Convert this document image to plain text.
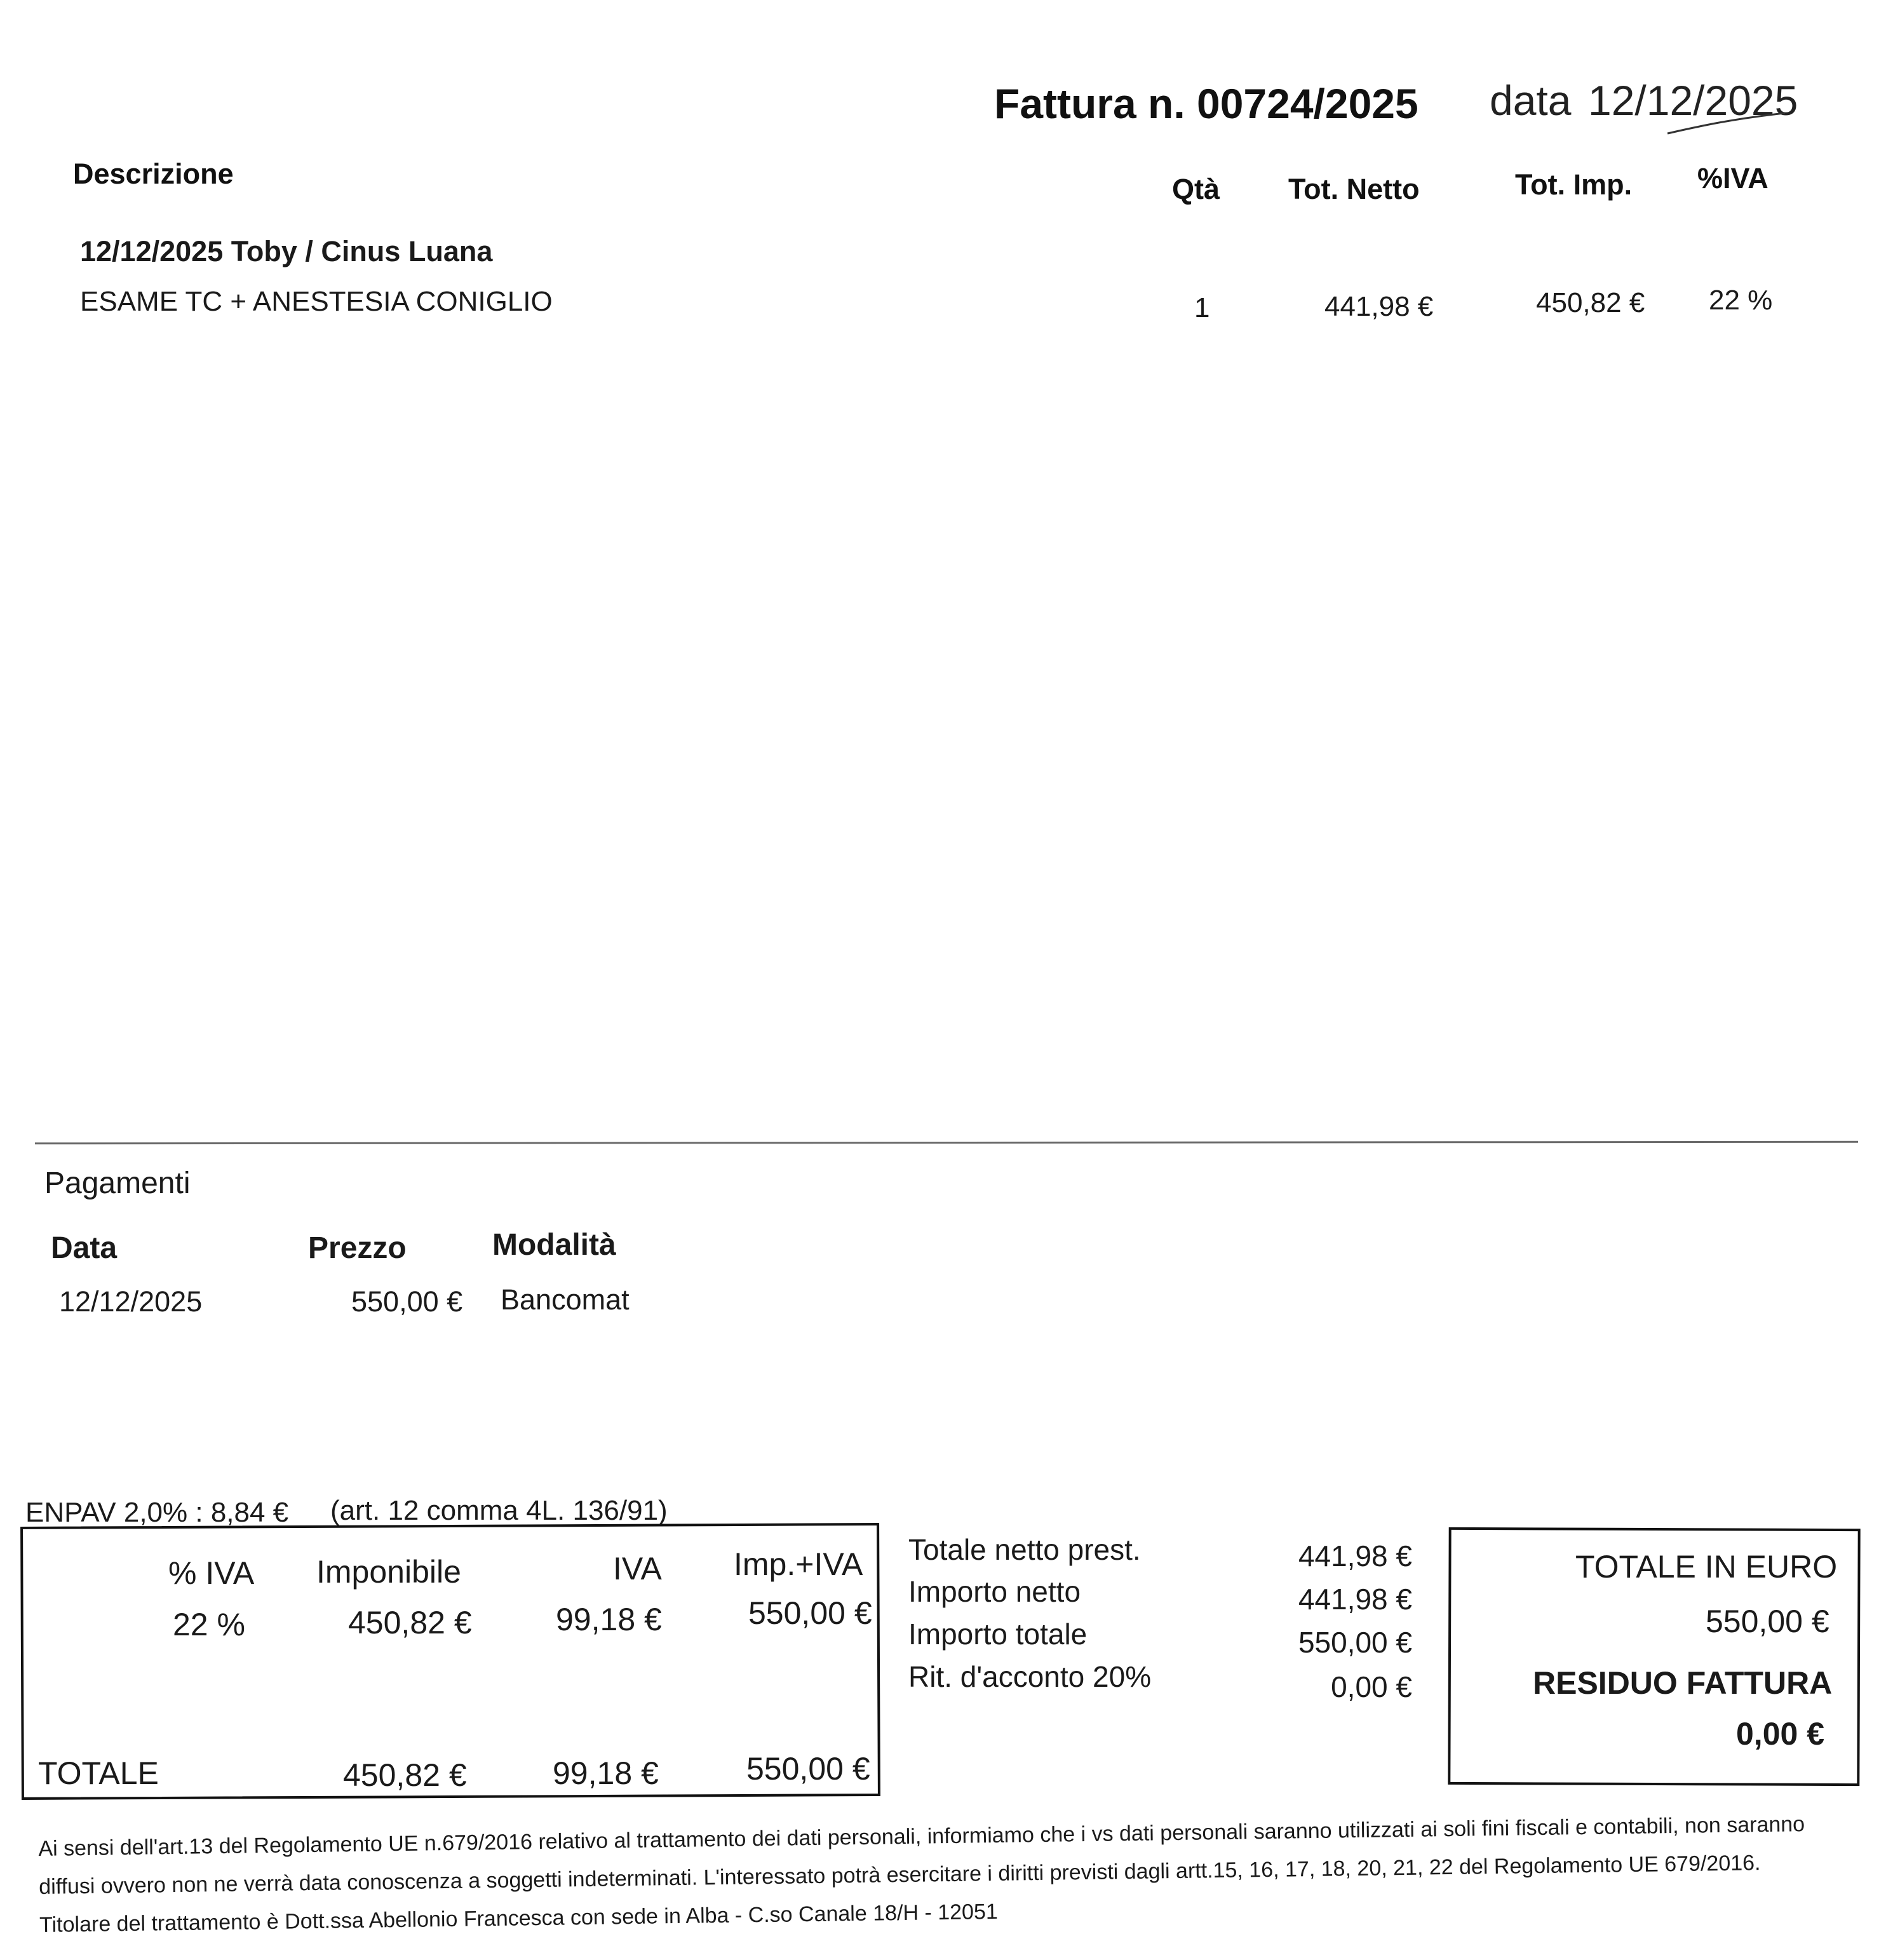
Fattura n. 00724/2025 data 12/12/2025
Descrizione	Qtà Tot. Netto	Tot. Imp. %IVA
12/12/2025 Toby / Cinus Luana
ESAME TC + ANESTESIA CONIGLIO	1	441,98 €	450,82 € 22 %
Pagamenti
Data	Prezzo	Modalità
12/12/2025	550,00 € Bancomat
ENPAV 2,0% : 8,84 € (art. 12 comma 4L. 136/91)
% IVA Imponibile	IVA Imp.+IVA
22 %	450,82 €	99,18 €	550,00 €
TOTALE	450,82 €	99,18 €	550,00 €
Totale netto prest.	441,98 €
Importo netto	441,98 €
Importo totale	550,00 €
Rit. d'acconto 20%	0,00 €
TOTALE IN EURO
550,00 €
RESIDUO FATTURA
0,00 €
Ai sensi dell'art.13 del Regolamento UE n.679/2016 relativo al trattamento dei dati personali, informiamo che i vs dati personali saranno utilizzati ai soli fini fiscali e contabili, non saranno diffusi ovvero non ne verrà data conoscenza a soggetti indeterminati. L'interessato potrà esercitare i diritti previsti dagli artt.15, 16, 17, 18, 20, 21, 22 del Regolamento UE 679/2016. Titolare del trattamento è Dott.ssa Abellonio Francesca con sede in Alba - C.so Canale 18/H - 12051
